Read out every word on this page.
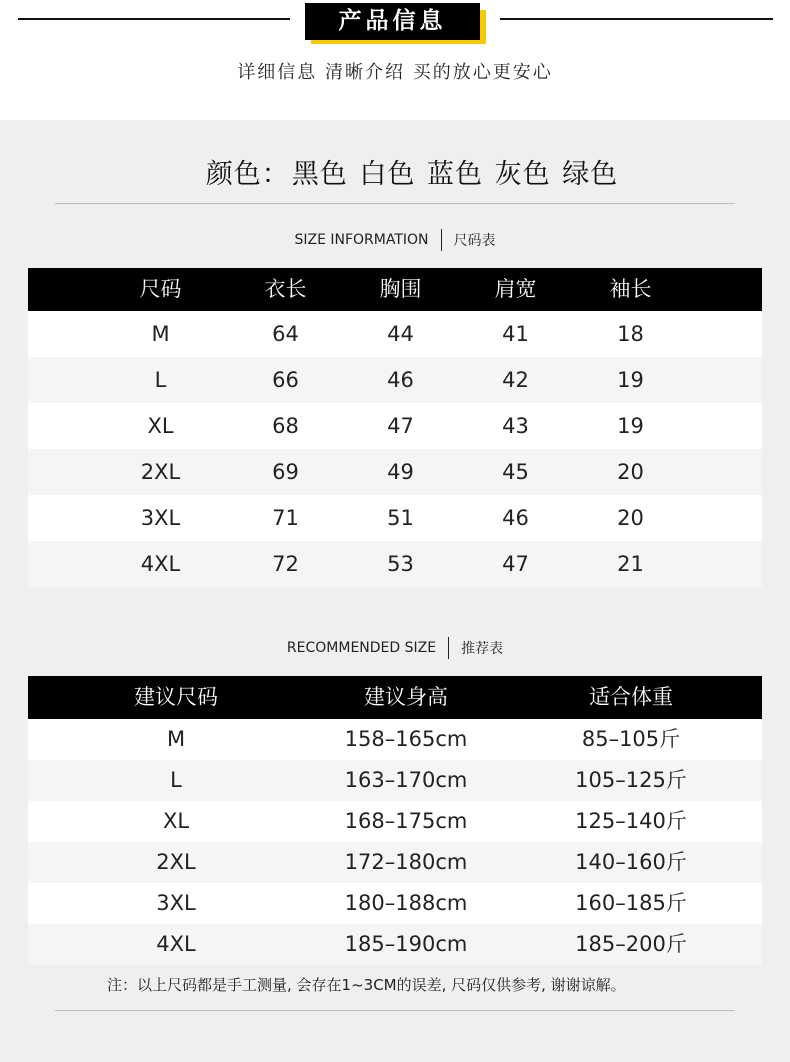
产品信息
详细信息 清晰介绍 买的放心更安心
颜色：黑色 白色 蓝色 灰色 绿色
SIZE INFORMATION 尺码表
尺码	衣长	胸围	肩宽	袖长
M	64	44	41	18
L	66	46	42	19
XL	68	47	43	19
2XL	69	49	45	20
3XL	71	51	46	20
4XL	72	53	47	21
RECOMMENDED SIZE 推荐表
建议尺码	建议身高	适合体重
M	158–165cm	85–105斤
L	163–170cm	105–125斤
XL	168–175cm	125–140斤
2XL	172–180cm	140–160斤
3XL	180–188cm	160–185斤
4XL	185–190cm	185–200斤
注：以上尺码都是手工测量, 会存在1~3CM的误差, 尺码仅供参考, 谢谢谅解。
